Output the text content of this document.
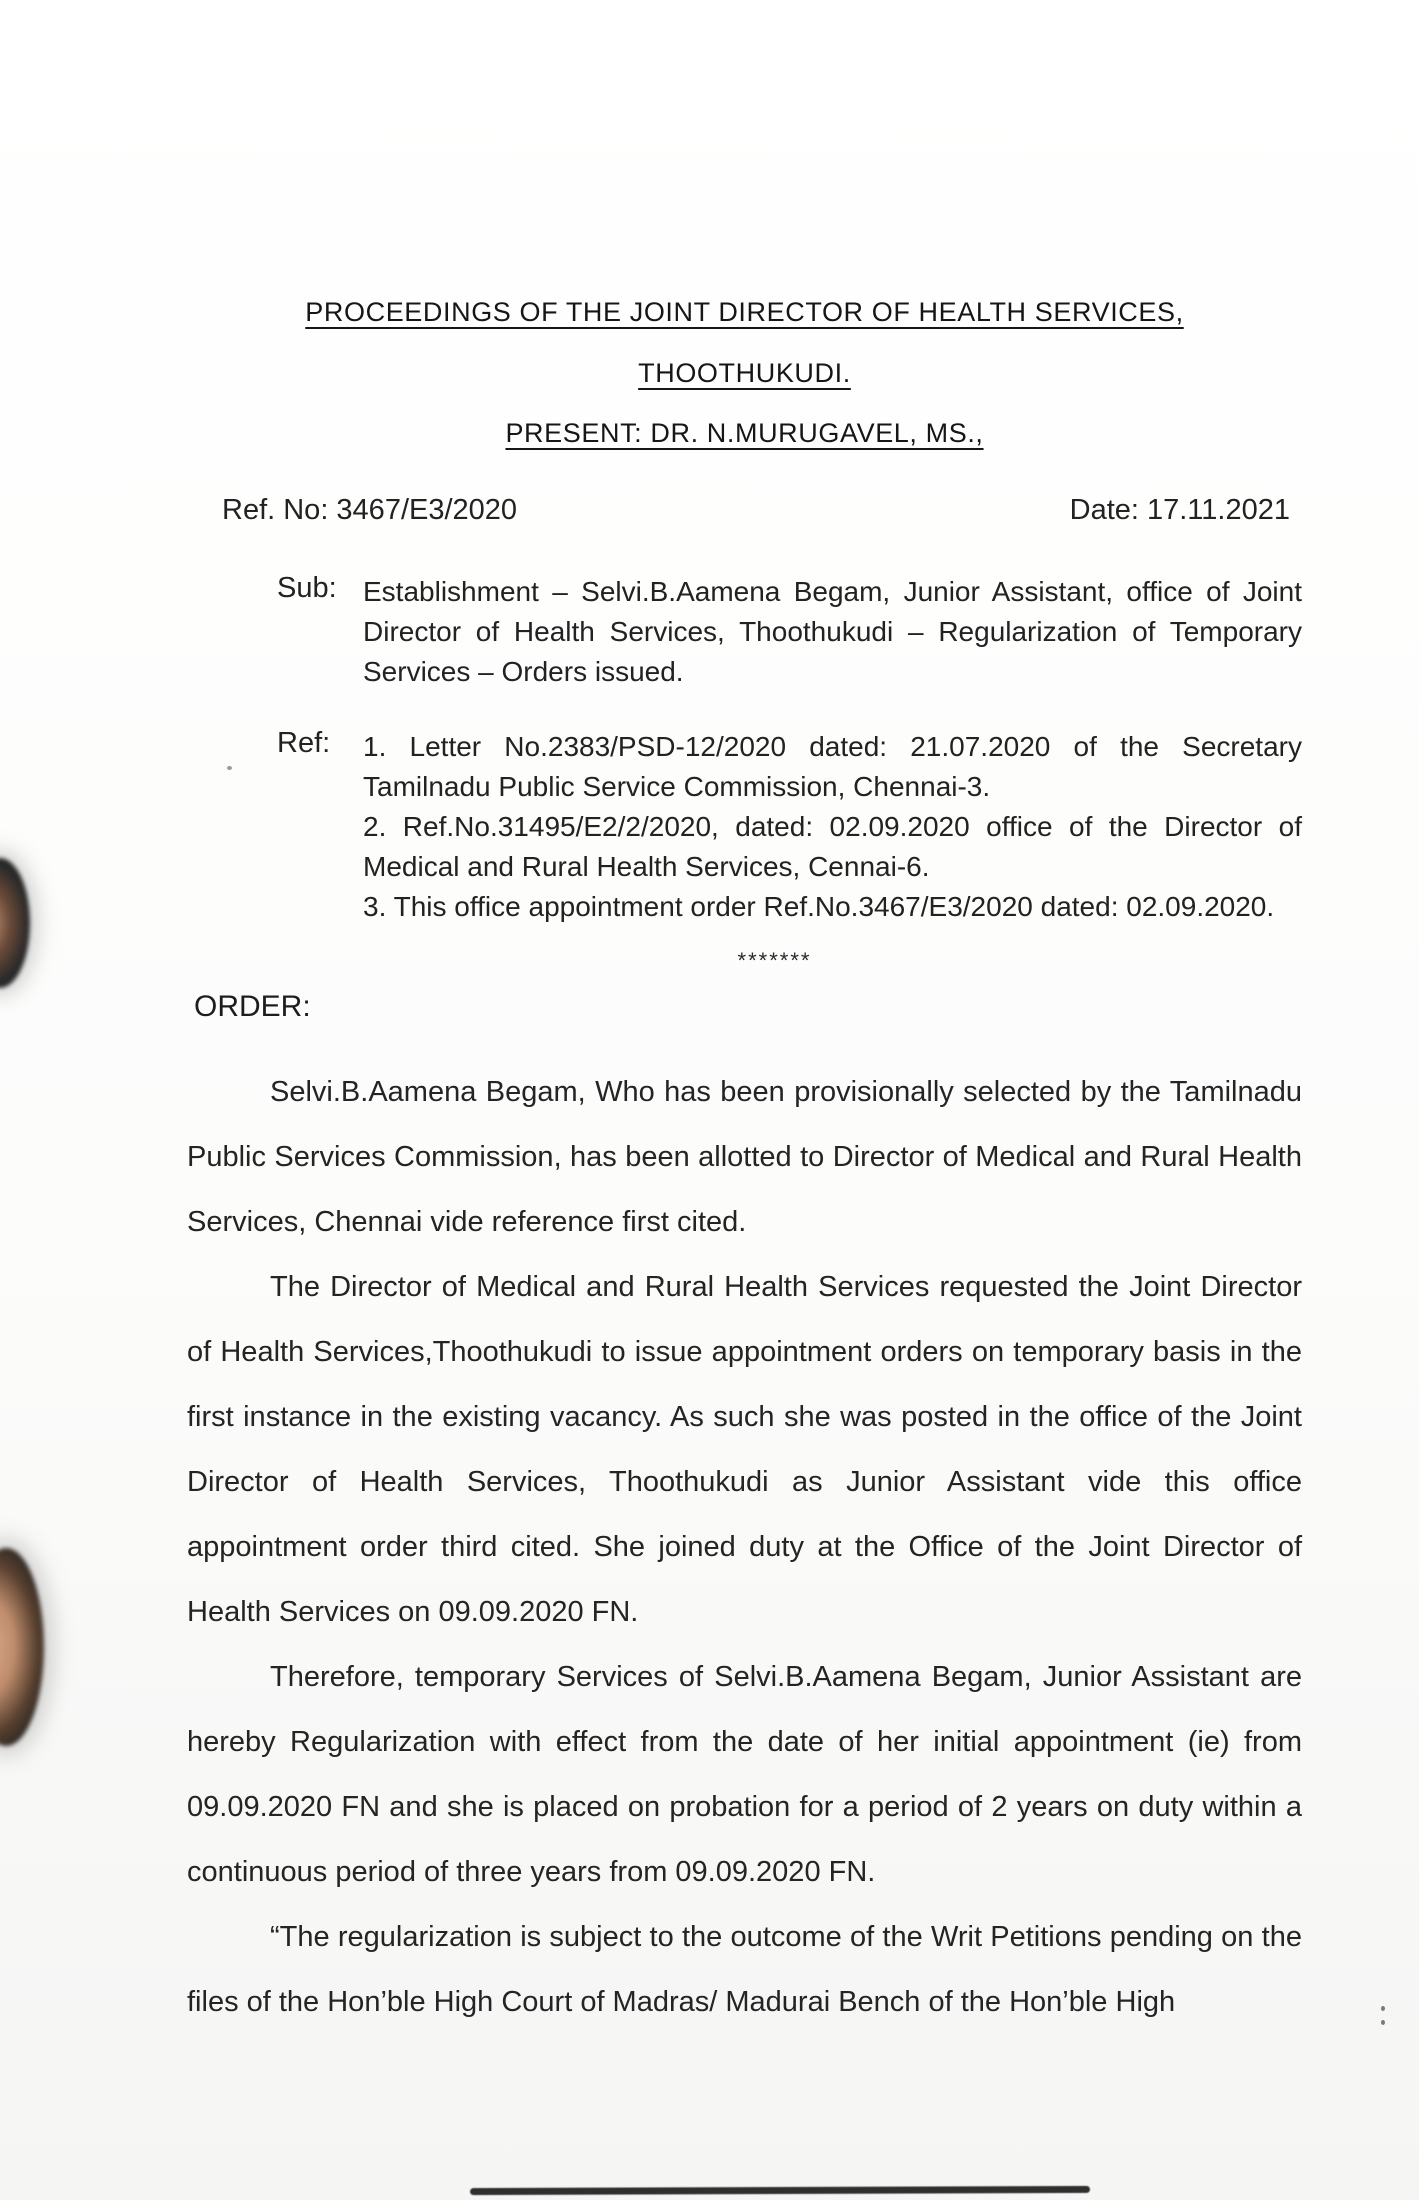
PROCEEDINGS OF THE JOINT DIRECTOR OF HEALTH SERVICES,
THOOTHUKUDI.
PRESENT: DR. N.MURUGAVEL, MS.,
Ref. No: 3467/E3/2020	Date: 17.11.2021
Sub: Establishment – Selvi.B.Aamena Begam, Junior Assistant, office of Joint Director of Health Services, Thoothukudi – Regularization of Temporary Services – Orders issued.
Ref: 1. Letter No.2383/PSD-12/2020 dated: 21.07.2020 of the Secretary Tamilnadu Public Service Commission, Chennai-3.
2. Ref.No.31495/E2/2/2020, dated: 02.09.2020 office of the Director of Medical and Rural Health Services, Cennai-6.
3. This office appointment order Ref.No.3467/E3/2020 dated: 02.09.2020.
*******
ORDER:

Selvi.B.Aamena Begam, Who has been provisionally selected by the Tamilnadu Public Services Commission, has been allotted to Director of Medical and Rural Health Services, Chennai vide reference first cited.

The Director of Medical and Rural Health Services requested the Joint Director of Health Services,Thoothukudi to issue appointment orders on temporary basis in the first instance in the existing vacancy. As such she was posted in the office of the Joint Director of Health Services, Thoothukudi as Junior Assistant vide this office appointment order third cited. She joined duty at the Office of the Joint Director of Health Services on 09.09.2020 FN.

Therefore, temporary Services of Selvi.B.Aamena Begam, Junior Assistant are hereby Regularization with effect from the date of her initial appointment (ie) from 09.09.2020 FN and she is placed on probation for a period of 2 years on duty within a continuous period of three years from 09.09.2020 FN.

“The regularization is subject to the outcome of the Writ Petitions pending on the files of the Hon’ble High Court of Madras/ Madurai Bench of the Hon’ble High
